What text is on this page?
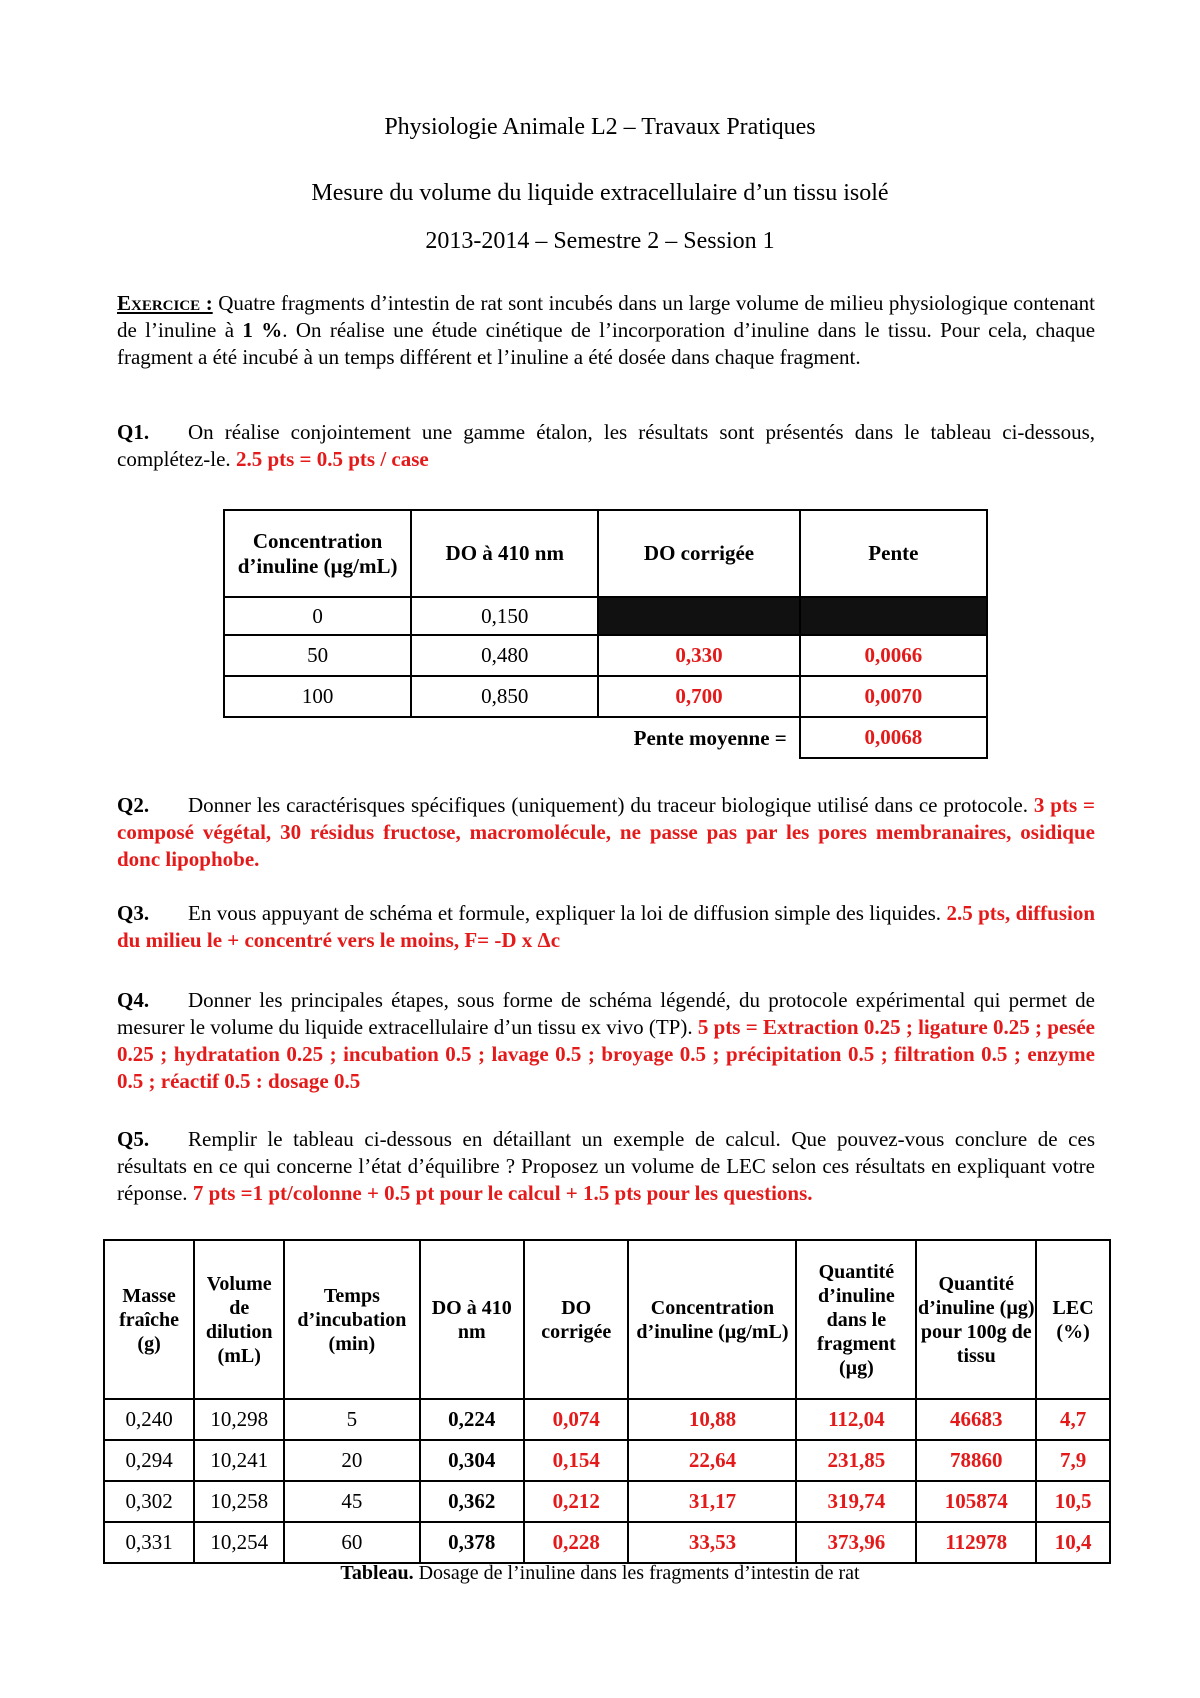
Physiologie Animale L2 – Travaux Pratiques
Mesure du volume du liquide extracellulaire d’un tissu isolé
2013-2014 – Semestre 2 – Session 1
Exercice : Quatre fragments d’intestin de rat sont incubés dans un large volume de milieu physiologique contenant de l’inuline à 1 %. On réalise une étude cinétique de l’incorporation d’inuline dans le tissu. Pour cela, chaque fragment a été incubé à un temps différent et l’inuline a été dosée dans chaque fragment.
Q1. On réalise conjointement une gamme étalon, les résultats sont présentés dans le tableau ci-dessous, complétez-le. 2.5 pts = 0.5 pts / case
Concentration d’inuline (µg/mL)	DO à 410 nm	DO corrigée	Pente
0	0,150		
50	0,480	0,330	0,0066
100	0,850	0,700	0,0070
		Pente moyenne =	0,0068
Q2. Donner les caractérisques spécifiques (uniquement) du traceur biologique utilisé dans ce protocole. 3 pts = composé végétal, 30 résidus fructose, macromolécule, ne passe pas par les pores membranaires, osidique donc lipophobe.
Q3. En vous appuyant de schéma et formule, expliquer la loi de diffusion simple des liquides. 2.5 pts, diffusion du milieu le + concentré vers le moins, F= -D x Δc
Q4. Donner les principales étapes, sous forme de schéma légendé, du protocole expérimental qui permet de mesurer le volume du liquide extracellulaire d’un tissu ex vivo (TP). 5 pts = Extraction 0.25 ; ligature 0.25 ; pesée 0.25 ; hydratation 0.25 ; incubation 0.5 ; lavage 0.5 ; broyage 0.5 ; précipitation 0.5 ; filtration 0.5 ; enzyme 0.5 ; réactif 0.5 : dosage 0.5
Q5. Remplir le tableau ci-dessous en détaillant un exemple de calcul. Que pouvez-vous conclure de ces résultats en ce qui concerne l’état d’équilibre ? Proposez un volume de LEC selon ces résultats en expliquant votre réponse. 7 pts =1 pt/colonne + 0.5 pt pour le calcul + 1.5 pts pour les questions.
Masse fraîche (g)	Volume de dilution (mL)	Temps d’incubation (min)	DO à 410 nm	DO corrigée	Concentration d’inuline (µg/mL)	Quantité d’inuline dans le fragment (µg)	Quantité d’inuline (µg) pour 100g de tissu	LEC (%)
0,240	10,298	5	0,224	0,074	10,88	112,04	46683	4,7
0,294	10,241	20	0,304	0,154	22,64	231,85	78860	7,9
0,302	10,258	45	0,362	0,212	31,17	319,74	105874	10,5
0,331	10,254	60	0,378	0,228	33,53	373,96	112978	10,4
Tableau. Dosage de l’inuline dans les fragments d’intestin de rat
